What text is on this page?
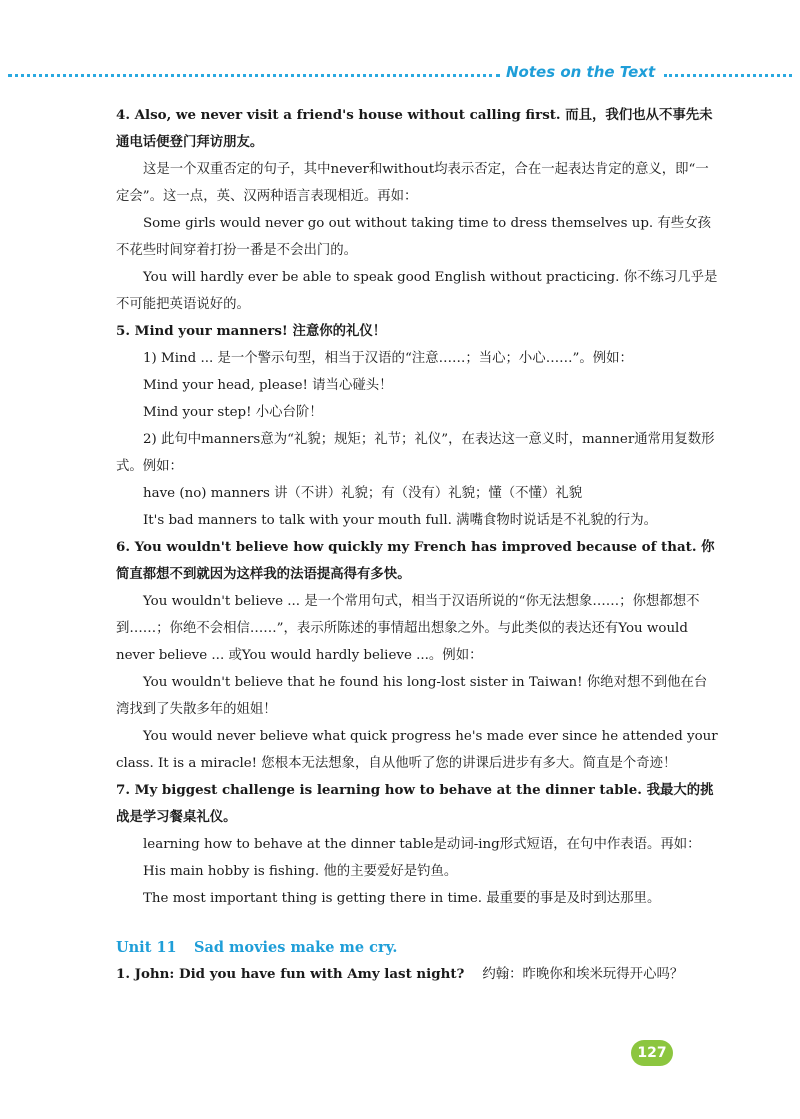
Notes on the Text

4. Also, we never visit a friend's house without calling first. 而且，我们也从不事先未通电话便登门拜访朋友。

这是一个双重否定的句子，其中never和without均表示否定，合在一起表达肯定的意义，即“一定会”。这一点，英、汉两种语言表现相近。再如：

Some girls would never go out without taking time to dress themselves up. 有些女孩不花些时间穿着打扮一番是不会出门的。

You will hardly ever be able to speak good English without practicing. 你不练习几乎是不可能把英语说好的。

5. Mind your manners! 注意你的礼仪！

1) Mind ... 是一个警示句型，相当于汉语的“注意……；当心；小心……”。例如：

Mind your head, please! 请当心碰头！

Mind your step! 小心台阶！

2) 此句中manners意为“礼貌；规矩；礼节；礼仪”，在表达这一意义时，manner通常用复数形式。例如：

have (no) manners 讲（不讲）礼貌；有（没有）礼貌；懂（不懂）礼貌

It's bad manners to talk with your mouth full. 满嘴食物时说话是不礼貌的行为。

6. You wouldn't believe how quickly my French has improved because of that. 你简直都想不到就因为这样我的法语提高得有多快。

You wouldn't believe ... 是一个常用句式，相当于汉语所说的“你无法想象……；你想都想不到……；你绝不会相信……”，表示所陈述的事情超出想象之外。与此类似的表达还有You would never believe ... 或You would hardly believe ...。例如：

You wouldn't believe that he found his long-lost sister in Taiwan! 你绝对想不到他在台湾找到了失散多年的姐姐！

You would never believe what quick progress he's made ever since he attended your class. It is a miracle! 您根本无法想象，自从他听了您的讲课后进步有多大。简直是个奇迹！

7. My biggest challenge is learning how to behave at the dinner table. 我最大的挑战是学习餐桌礼仪。

learning how to behave at the dinner table是动词-ing形式短语，在句中作表语。再如：

His main hobby is fishing. 他的主要爱好是钓鱼。

The most important thing is getting there in time. 最重要的事是及时到达那里。

Unit 11 Sad movies make me cry.

1. John: Did you have fun with Amy last night? 约翰：昨晚你和埃米玩得开心吗？

127
